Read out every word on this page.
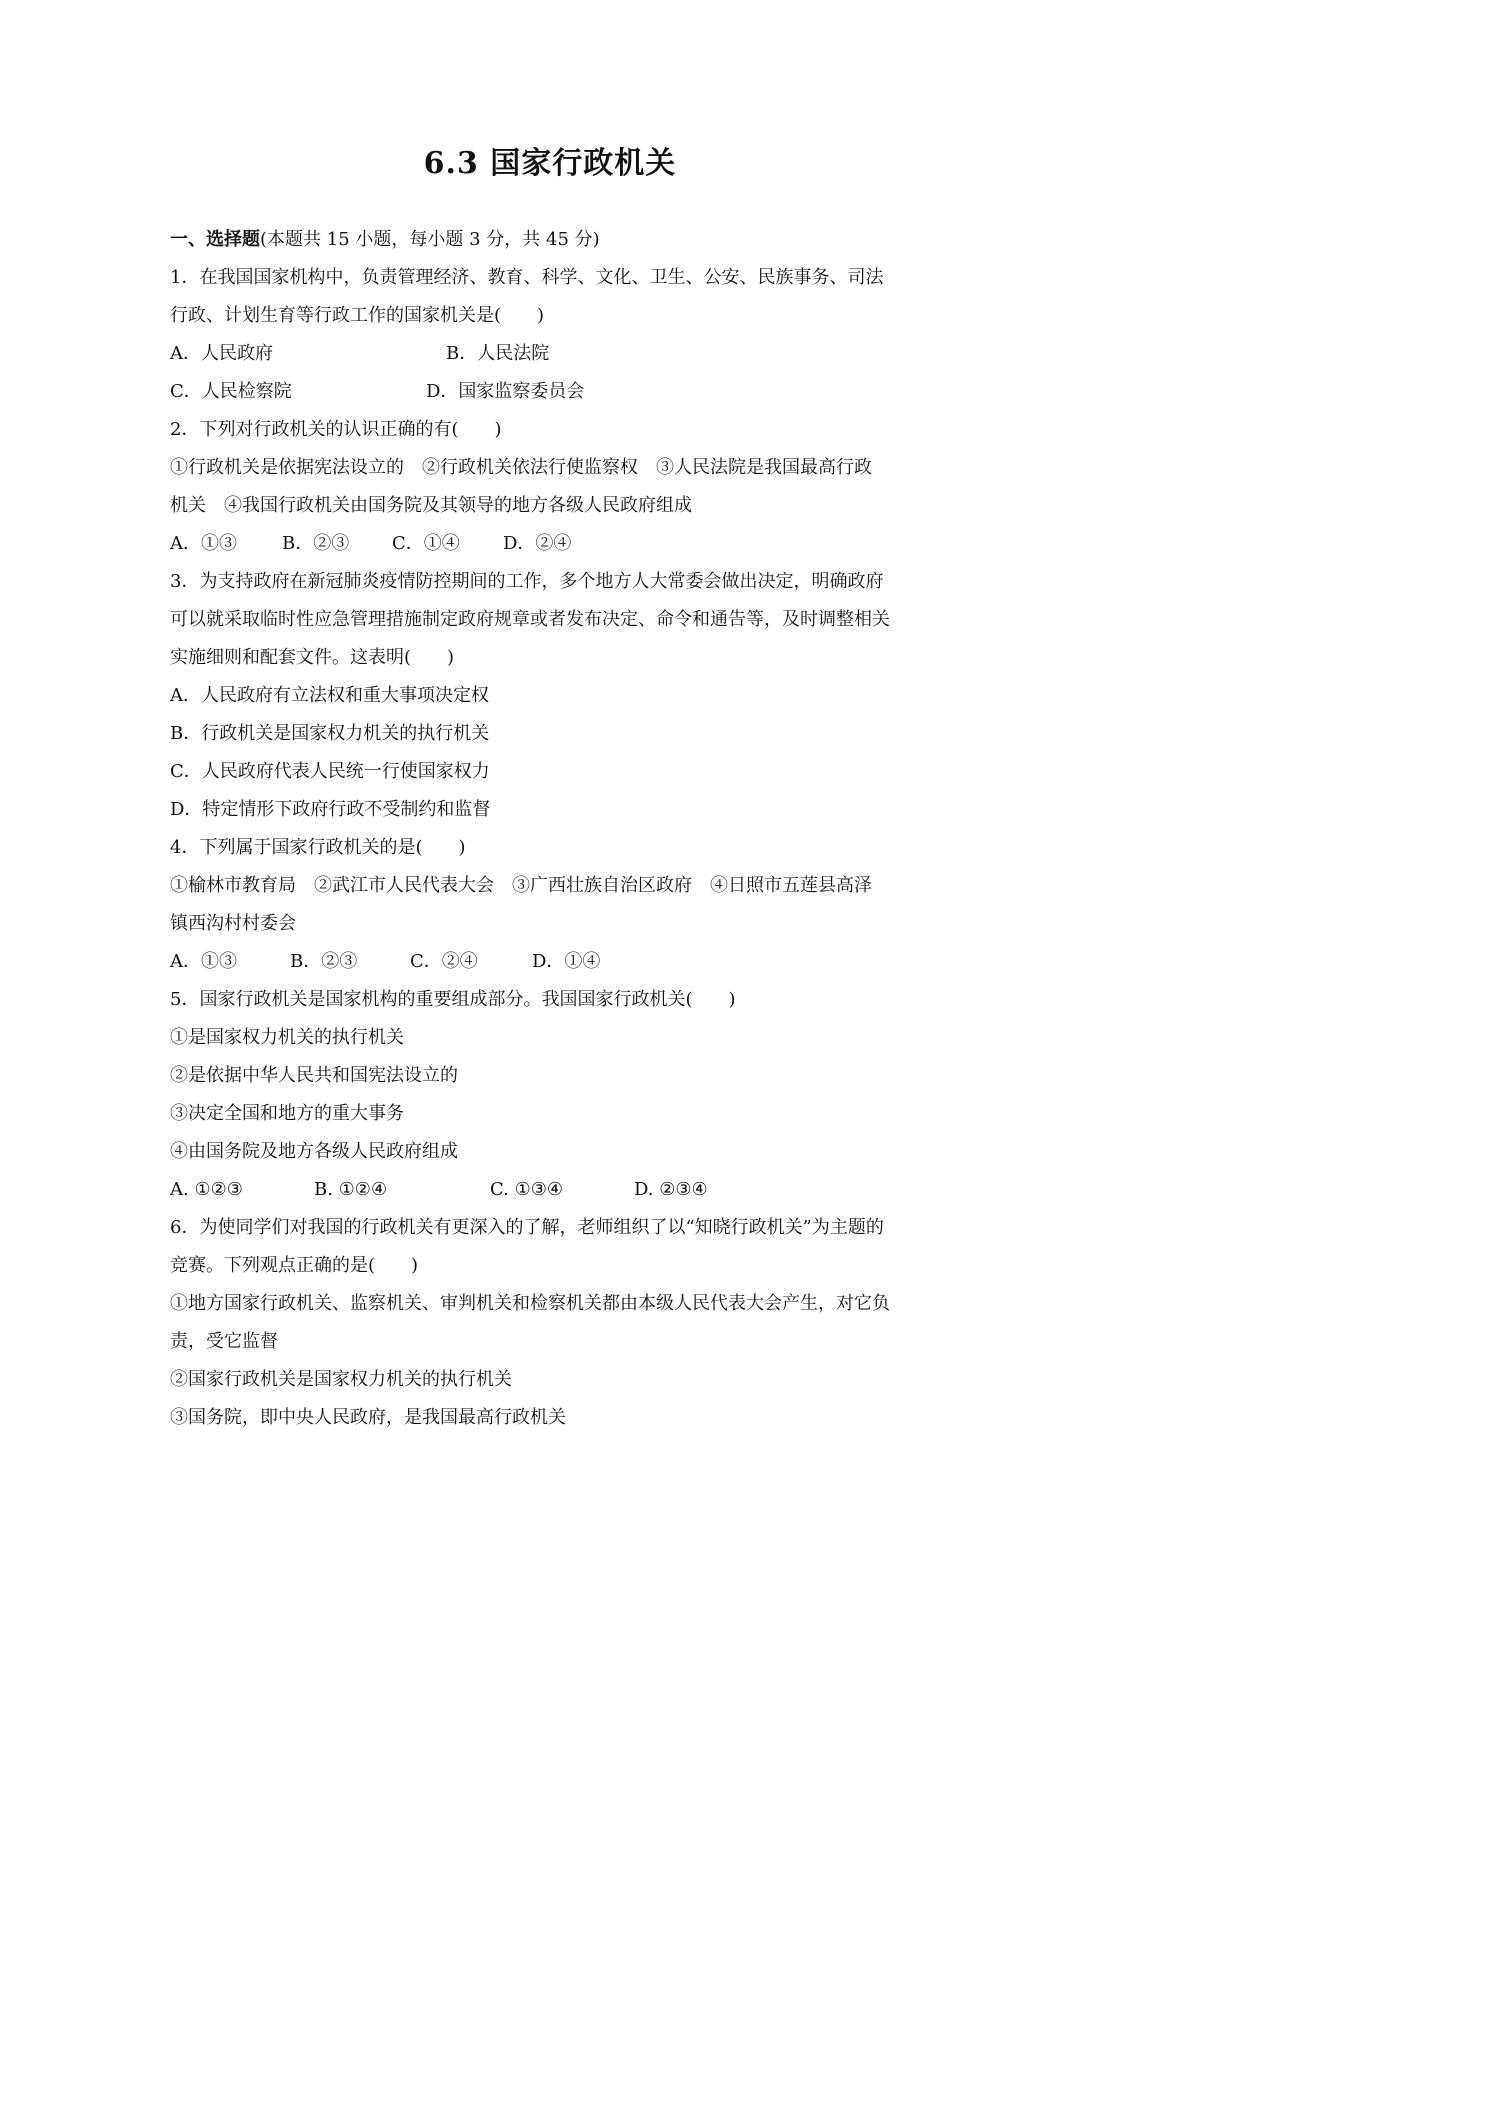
6.3 国家行政机关
一、选择题(本题共 15 小题，每小题 3 分，共 45 分)
1．在我国国家机构中，负责管理经济、教育、科学、文化、卫生、公安、民族事务、司法
行政、计划生育等行政工作的国家机关是(　　)
A．人民政府	B．人民法院
C．人民检察院	D．国家监察委员会
2．下列对行政机关的认识正确的有(　　)
①行政机关是依据宪法设立的　②行政机关依法行使监察权　③人民法院是我国最高行政
机关　④我国行政机关由国务院及其领导的地方各级人民政府组成
A．①③	B．②③ C．①④ D．②④
3．为支持政府在新冠肺炎疫情防控期间的工作，多个地方人大常委会做出决定，明确政府
可以就采取临时性应急管理措施制定政府规章或者发布决定、命令和通告等，及时调整相关
实施细则和配套文件。这表明(　　)
A．人民政府有立法权和重大事项决定权
B．行政机关是国家权力机关的执行机关
C．人民政府代表人民统一行使国家权力
D．特定情形下政府行政不受制约和监督
4．下列属于国家行政机关的是(　　)
①榆林市教育局　②武江市人民代表大会　③广西壮族自治区政府　④日照市五莲县高泽
镇西沟村村委会
A．①③	B．②③	C．②④	D．①④
5．国家行政机关是国家机构的重要组成部分。我国国家行政机关(　　)
①是国家权力机关的执行机关
②是依据中华人民共和国宪法设立的
③决定全国和地方的重大事务
④由国务院及地方各级人民政府组成
A. ①②③	B. ①②④	C. ①③④	D. ②③④
6．为使同学们对我国的行政机关有更深入的了解，老师组织了以“知晓行政机关”为主题的
竞赛。下列观点正确的是(　　)
①地方国家行政机关、监察机关、审判机关和检察机关都由本级人民代表大会产生，对它负
责，受它监督
②国家行政机关是国家权力机关的执行机关
③国务院，即中央人民政府，是我国最高行政机关
